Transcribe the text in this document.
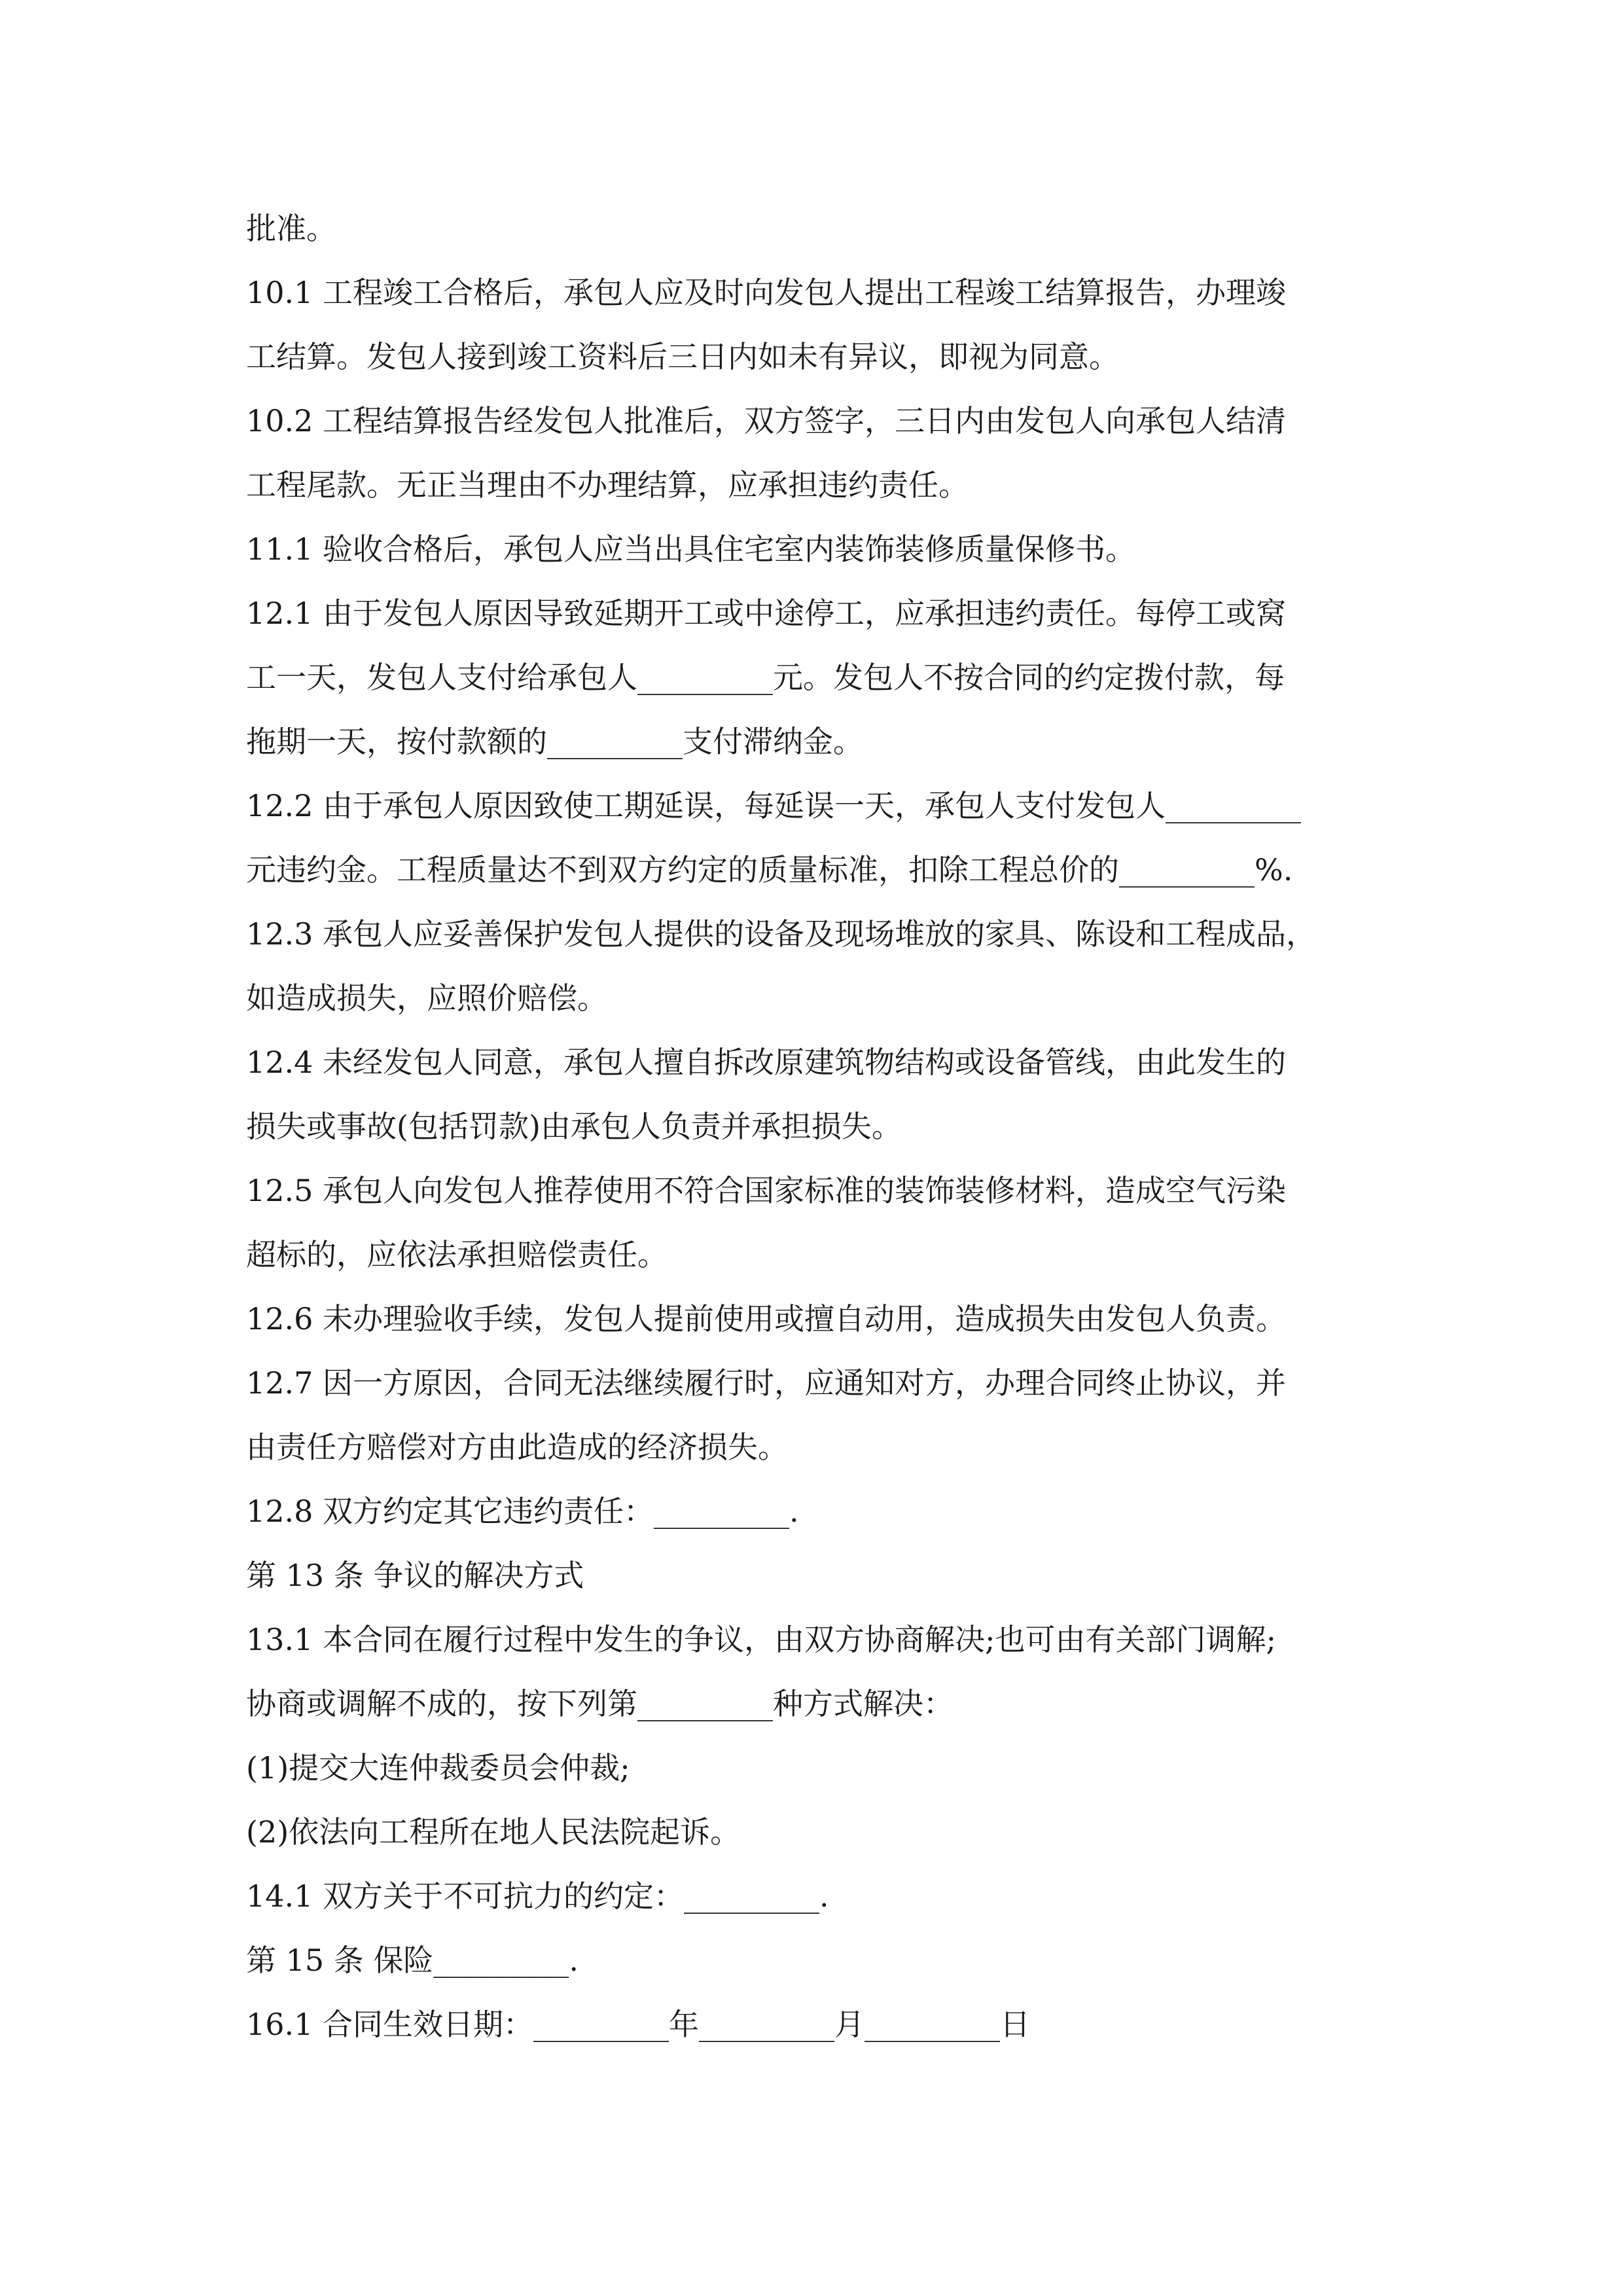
批准。
10.1 工程竣工合格后，承包人应及时向发包人提出工程竣工结算报告，办理竣
工结算。发包人接到竣工资料后三日内如未有异议，即视为同意。
10.2 工程结算报告经发包人批准后，双方签字，三日内由发包人向承包人结清
工程尾款。无正当理由不办理结算，应承担违约责任。
11.1 验收合格后，承包人应当出具住宅室内装饰装修质量保修书。
12.1 由于发包人原因导致延期开工或中途停工，应承担违约责任。每停工或窝
工一天，发包人支付给承包人_________元。发包人不按合同的约定拨付款，每
拖期一天，按付款额的_________支付滞纳金。
12.2 由于承包人原因致使工期延误，每延误一天，承包人支付发包人_________
元违约金。工程质量达不到双方约定的质量标准，扣除工程总价的_________%.
12.3 承包人应妥善保护发包人提供的设备及现场堆放的家具、陈设和工程成品，
如造成损失，应照价赔偿。
12.4 未经发包人同意，承包人擅自拆改原建筑物结构或设备管线，由此发生的
损失或事故(包括罚款)由承包人负责并承担损失。
12.5 承包人向发包人推荐使用不符合国家标准的装饰装修材料，造成空气污染
超标的，应依法承担赔偿责任。
12.6 未办理验收手续，发包人提前使用或擅自动用，造成损失由发包人负责。
12.7 因一方原因，合同无法继续履行时，应通知对方，办理合同终止协议，并
由责任方赔偿对方由此造成的经济损失。
12.8 双方约定其它违约责任：_________.
第 13 条 争议的解决方式
13.1 本合同在履行过程中发生的争议，由双方协商解决;也可由有关部门调解;
协商或调解不成的，按下列第_________种方式解决：
(1)提交大连仲裁委员会仲裁;
(2)依法向工程所在地人民法院起诉。
14.1 双方关于不可抗力的约定：_________.
第 15 条 保险_________.
16.1 合同生效日期：_________年_________月_________日
